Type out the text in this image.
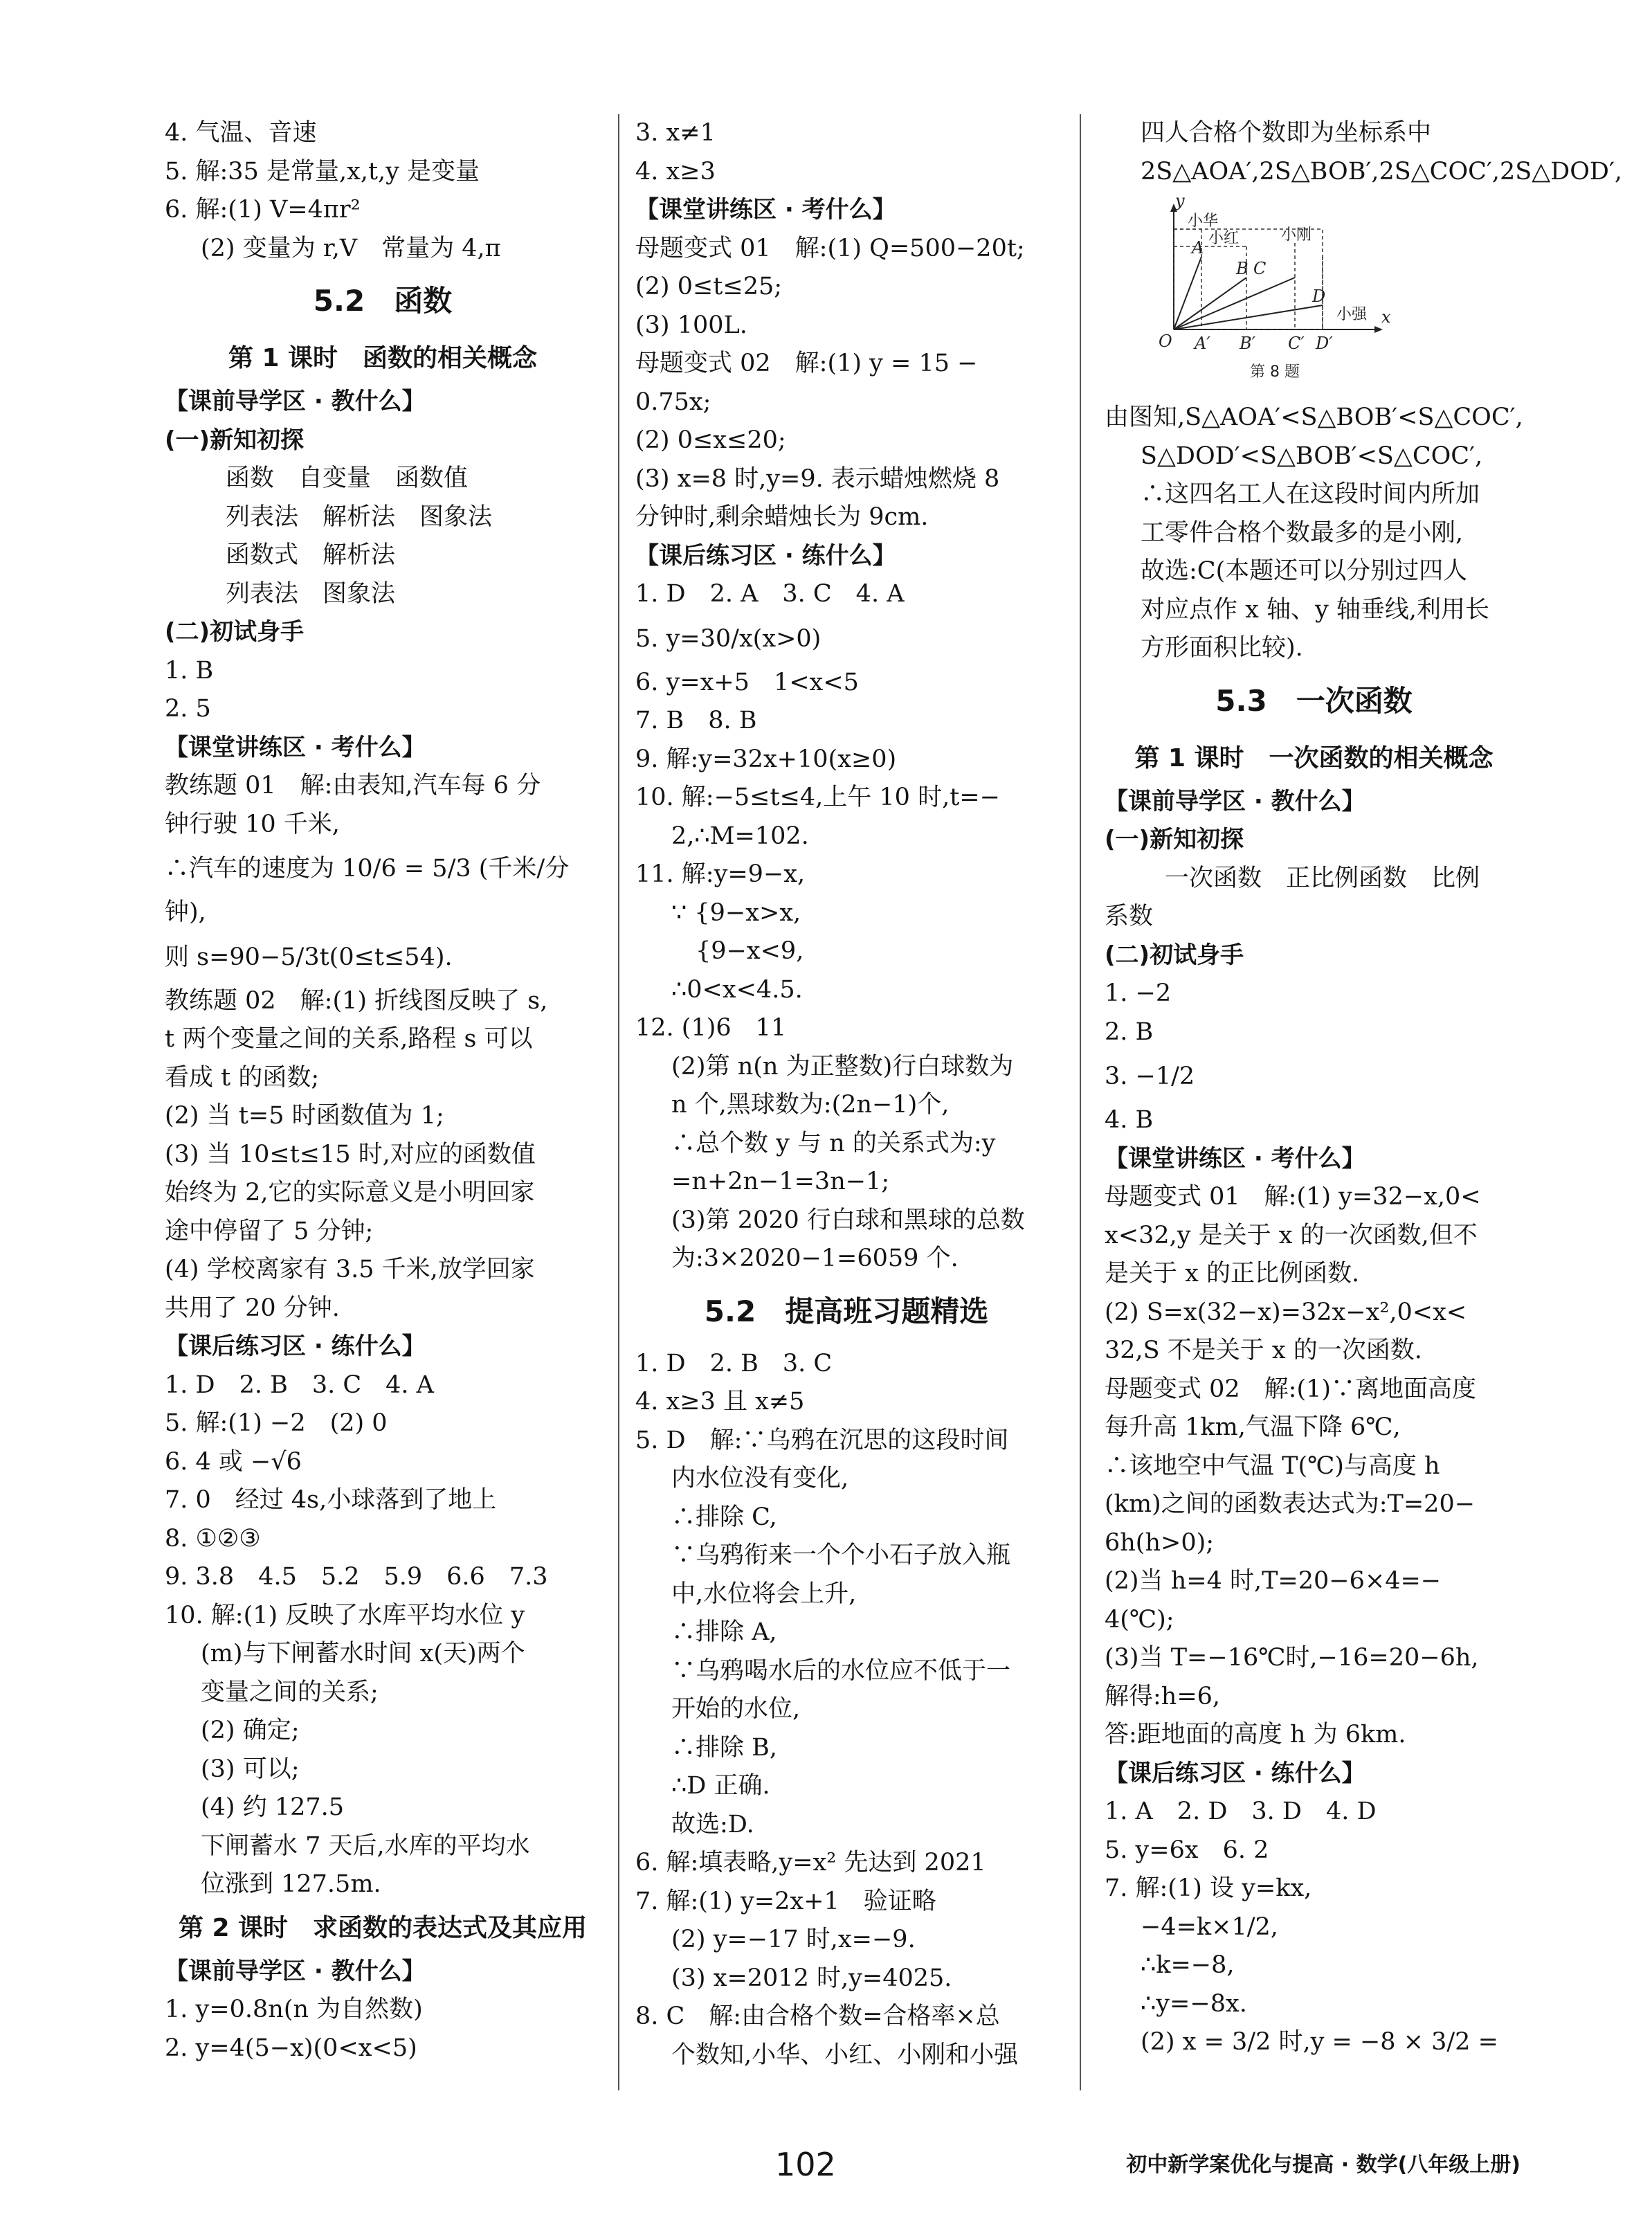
4. 气温、音速
5. 解:35 是常量,x,t,y 是变量
6. 解:(1) V=4πr²
(2) 变量为 r,V　常量为 4,π
5.2　函数
第 1 课时　函数的相关概念
【课前导学区 · 教什么】
(一)新知初探
函数　自变量　函数值
列表法　解析法　图象法
函数式　解析法
列表法　图象法
(二)初试身手
1. B
2. 5
【课堂讲练区 · 考什么】
教练题 01　解:由表知,汽车每 6 分
钟行驶 10 千米,
∴汽车的速度为 10/6 = 5/3 (千米/分
钟),
则 s=90−5/3t(0≤t≤54).
教练题 02　解:(1) 折线图反映了 s,
t 两个变量之间的关系,路程 s 可以
看成 t 的函数;
(2) 当 t=5 时函数值为 1;
(3) 当 10≤t≤15 时,对应的函数值
始终为 2,它的实际意义是小明回家
途中停留了 5 分钟;
(4) 学校离家有 3.5 千米,放学回家
共用了 20 分钟.
【课后练习区 · 练什么】
1. D　2. B　3. C　4. A
5. 解:(1) −2　(2) 0
6. 4 或 −√6
7. 0　经过 4s,小球落到了地上
8. ①②③
9. 3.8　4.5　5.2　5.9　6.6　7.3
10. 解:(1) 反映了水库平均水位 y
(m)与下闸蓄水时间 x(天)两个
变量之间的关系;
(2) 确定;
(3) 可以;
(4) 约 127.5
下闸蓄水 7 天后,水库的平均水
位涨到 127.5m.
第 2 课时　求函数的表达式及其应用
【课前导学区 · 教什么】
1. y=0.8n(n 为自然数)
2. y=4(5−x)(0<x<5)
3. x≠1
4. x≥3
【课堂讲练区 · 考什么】
母题变式 01　解:(1) Q=500−20t;
(2) 0≤t≤25;
(3) 100L.
母题变式 02　解:(1) y = 15 −
0.75x;
(2) 0≤x≤20;
(3) x=8 时,y=9. 表示蜡烛燃烧 8
分钟时,剩余蜡烛长为 9cm.
【课后练习区 · 练什么】
1. D　2. A　3. C　4. A
5. y=30/x(x>0)
6. y=x+5　1<x<5
7. B　8. B
9. 解:y=32x+10(x≥0)
10. 解:−5≤t≤4,上午 10 时,t=−
2,∴M=102.
11. 解:y=9−x,
∵ {9−x>x,
　{9−x<9,
∴0<x<4.5.
12. (1)6　11
(2)第 n(n 为正整数)行白球数为
n 个,黑球数为:(2n−1)个,
∴总个数 y 与 n 的关系式为:y
=n+2n−1=3n−1;
(3)第 2020 行白球和黑球的总数
为:3×2020−1=6059 个.
5.2　提高班习题精选
1. D　2. B　3. C
4. x≥3 且 x≠5
5. D　解:∵乌鸦在沉思的这段时间
内水位没有变化,
∴排除 C,
∵乌鸦衔来一个个小石子放入瓶
中,水位将会上升,
∴排除 A,
∵乌鸦喝水后的水位应不低于一
开始的水位,
∴排除 B,
∴D 正确.
故选:D.
6. 解:填表略,y=x² 先达到 2021
7. 解:(1) y=2x+1　验证略
(2) y=−17 时,x=−9.
(3) x=2012 时,y=4025.
8. C　解:由合格个数=合格率×总
个数知,小华、小红、小刚和小强
四人合格个数即为坐标系中
2S△AOA′,2S△BOB′,2S△COC′,2S△DOD′,
y
x
O
A
B C
D
A′ B′ C′ D′
小华
小红	小刚
小强
第 8 题
由图知,S△AOA′<S△BOB′<S△COC′,
S△DOD′<S△BOB′<S△COC′,
∴这四名工人在这段时间内所加
工零件合格个数最多的是小刚,
故选:C(本题还可以分别过四人
对应点作 x 轴、y 轴垂线,利用长
方形面积比较).
5.3　一次函数
第 1 课时　一次函数的相关概念
【课前导学区 · 教什么】
(一)新知初探
　一次函数　正比例函数　比例
系数
(二)初试身手
1. −2
2. B
3. −1/2
4. B
【课堂讲练区 · 考什么】
母题变式 01　解:(1) y=32−x,0<
x<32,y 是关于 x 的一次函数,但不
是关于 x 的正比例函数.
(2) S=x(32−x)=32x−x²,0<x<
32,S 不是关于 x 的一次函数.
母题变式 02　解:(1)∵离地面高度
每升高 1km,气温下降 6℃,
∴该地空中气温 T(℃)与高度 h
(km)之间的函数表达式为:T=20−
6h(h>0);
(2)当 h=4 时,T=20−6×4=−
4(℃);
(3)当 T=−16℃时,−16=20−6h,
解得:h=6,
答:距地面的高度 h 为 6km.
【课后练习区 · 练什么】
1. A　2. D　3. D　4. D
5. y=6x　6. 2
7. 解:(1) 设 y=kx,
−4=k×1/2,
∴k=−8,
∴y=−8x.
(2) x = 3/2 时,y = −8 × 3/2 =
102	初中新学案优化与提高 · 数学(八年级上册)
